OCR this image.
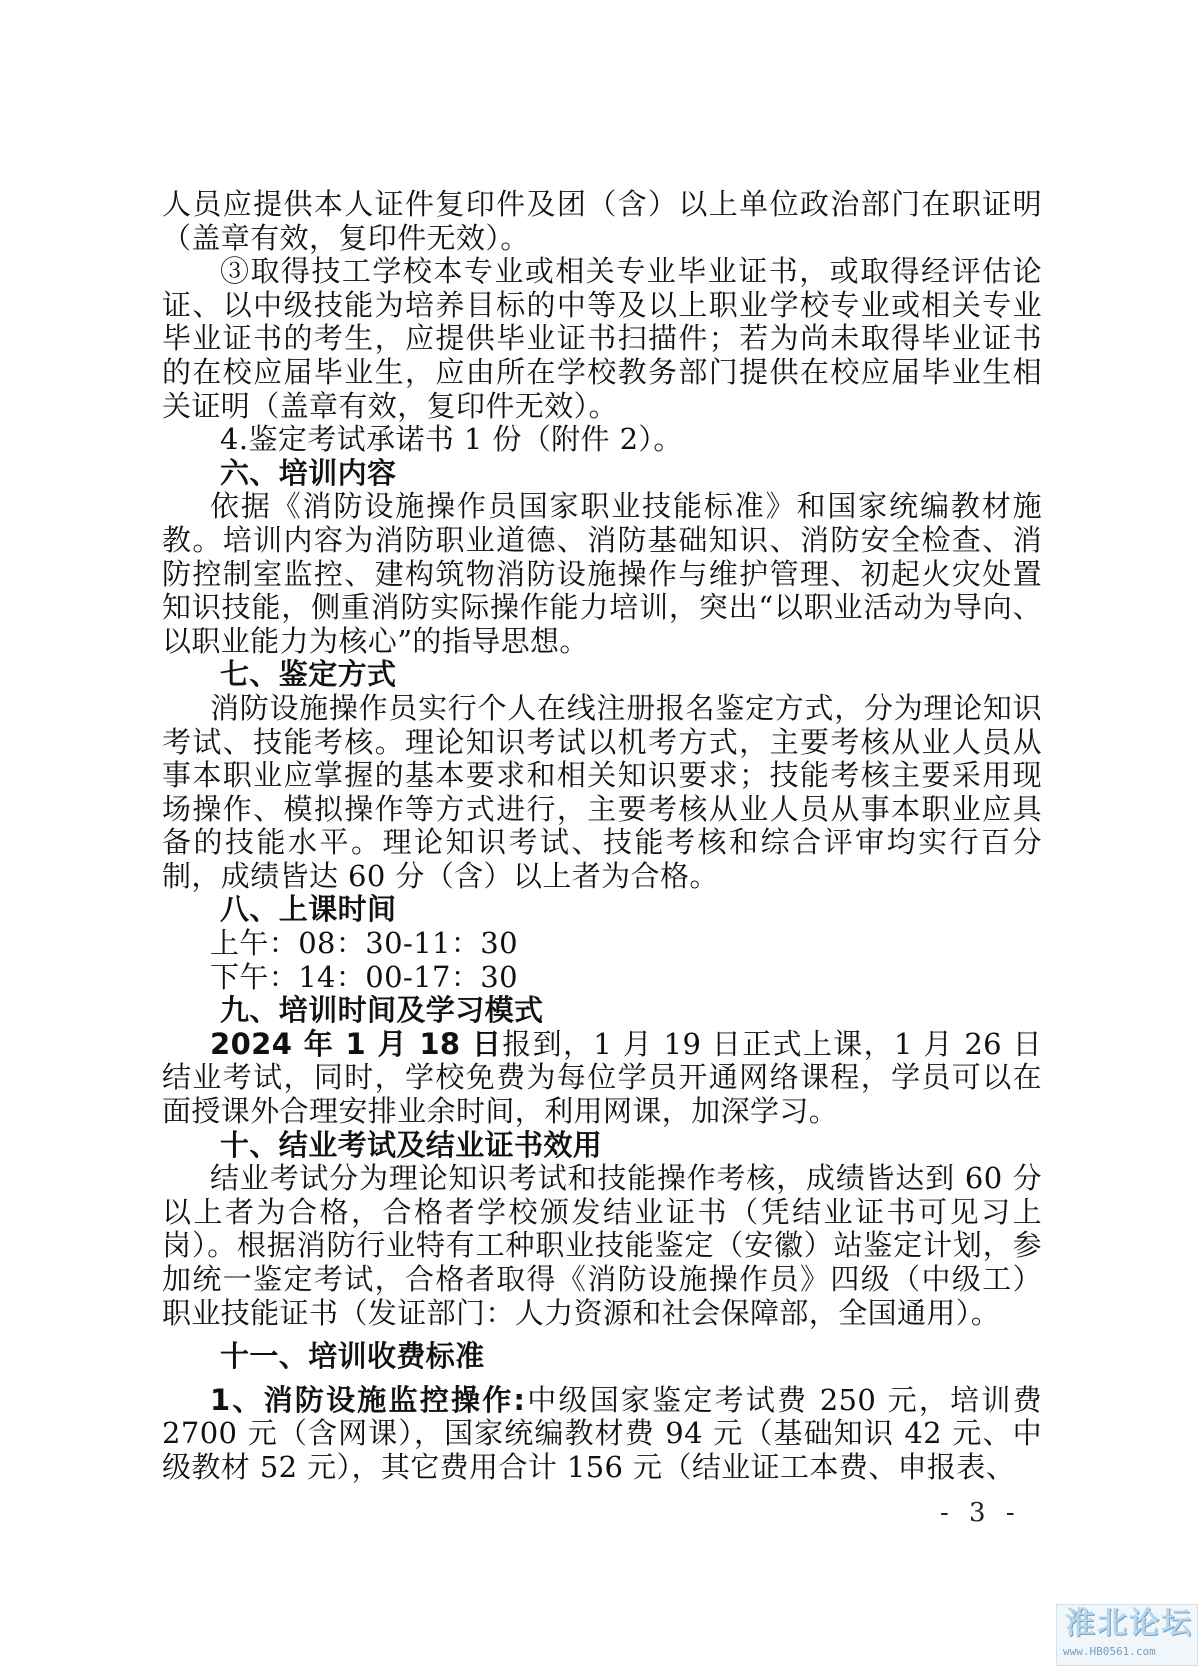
人员应提供本人证件复印件及团（含）以上单位政治部门在职证明（盖章有效，复印件无效）。

③取得技工学校本专业或相关专业毕业证书，或取得经评估论证、以中级技能为培养目标的中等及以上职业学校专业或相关专业毕业证书的考生，应提供毕业证书扫描件；若为尚未取得毕业证书的在校应届毕业生，应由所在学校教务部门提供在校应届毕业生相关证明（盖章有效，复印件无效）。

4.鉴定考试承诺书 1 份（附件 2）。

六、培训内容

依据《消防设施操作员国家职业技能标准》和国家统编教材施教。培训内容为消防职业道德、消防基础知识、消防安全检查、消防控制室监控、建构筑物消防设施操作与维护管理、初起火灾处置知识技能，侧重消防实际操作能力培训，突出“以职业活动为导向、以职业能力为核心”的指导思想。

七、鉴定方式

消防设施操作员实行个人在线注册报名鉴定方式，分为理论知识考试、技能考核。理论知识考试以机考方式，主要考核从业人员从事本职业应掌握的基本要求和相关知识要求；技能考核主要采用现场操作、模拟操作等方式进行，主要考核从业人员从事本职业应具备的技能水平。理论知识考试、技能考核和综合评审均实行百分制，成绩皆达 60 分（含）以上者为合格。

八、上课时间

上午：08：30-11：30

下午：14：00-17：30

九、培训时间及学习模式

2024 年 1 月 18 日报到，1 月 19 日正式上课，1 月 26 日结业考试，同时，学校免费为每位学员开通网络课程，学员可以在面授课外合理安排业余时间，利用网课，加深学习。

十、结业考试及结业证书效用

结业考试分为理论知识考试和技能操作考核，成绩皆达到 60 分以上者为合格，合格者学校颁发结业证书（凭结业证书可见习上岗）。根据消防行业特有工种职业技能鉴定（安徽）站鉴定计划，参加统一鉴定考试，合格者取得《消防设施操作员》四级（中级工）职业技能证书（发证部门：人力资源和社会保障部，全国通用）。

十一、培训收费标准

1、消防设施监控操作:中级国家鉴定考试费 250 元，培训费 2700 元（含网课），国家统编教材费 94 元（基础知识 42 元、中级教材 52 元），其它费用合计 156 元（结业证工本费、申报表、

- 3 -
淮北论坛
www.HB0561.com
